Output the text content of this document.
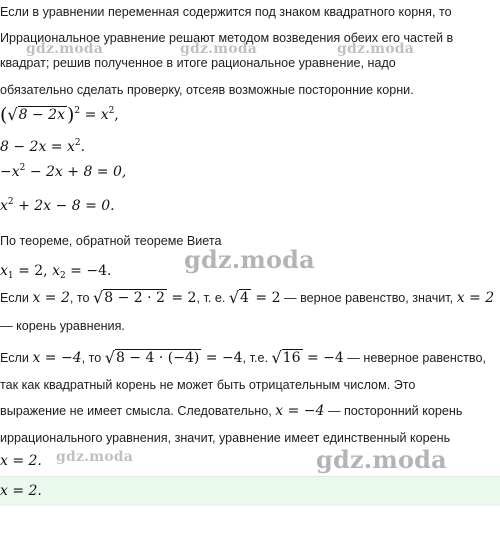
Если в уравнении переменная содержится под знаком квадратного корня, то
Иррациональное уравнение решают методом возведения обеих его частей в
квадрат; решив полученное в итоге рациональное уравнение, надо
обязательно сделать проверку, отсеяв возможные посторонние корни.
(√8 − 2x )$^2 = x^2$,
$8 - 2x = x^2$.
$-x^2 - 2x + 8 = 0$,
$x^2 + 2x - 8 = 0$.
По теореме, обратной теореме Виета
$x_1 = 2$, $x_2 = -4$.
Если x = 2, то √8 − 2 · 2 = 2, т. е. √4 = 2 — верное равенство, значит, x = 2
— корень уравнения.
Если x = −4, то √8 − 4 · (−4) = −4, т.е. √16 = −4 — неверное равенство,
так как квадратный корень не может быть отрицательным числом. Это
выражение не имеет смысла. Следовательно, x = −4 — посторонний корень
иррационального уравнения, значит, уравнение имеет единственный корень
x = 2.
x = 2.
gdz.moda	gdz.moda	gdz.moda
gdz.moda
gdz.moda	gdz.moda
